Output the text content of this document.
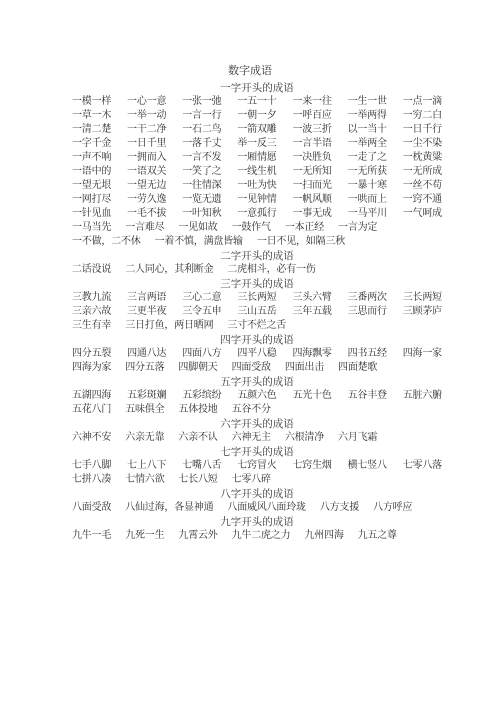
数字成语
一字开头的成语
一模一样 一心一意 一张一弛 一五一十 一来一往 一生一世 一点一滴
一草一木 一举一动 一言一行 一朝一夕 一呼百应 一举两得 一穷二白
一清二楚 一干二净 一石二鸟 一箭双雕 一波三折 以一当十 一日千行
一字千金 一日千里 一落千丈 举一反三 一言半语 一举两全 一尘不染
一声不响 一拥而入 一言不发 一厢情愿 一决胜负 一走了之 一枕黄粱
一语中的 一语双关 一笑了之 一线生机 一无所知 一无所获 一无所成
一望无垠 一望无边 一往情深 一吐为快 一扫而光 一暴十寒 一丝不苟
一网打尽 一劳久逸 一览无遗 一见钟情 一帆风顺 一哄而上 一窍不通
一针见血 一毛不拔 一叶知秋 一意孤行 一事无成 一马平川 一气呵成
一马当先 一言难尽 一见如故 一鼓作气 一本正经 一言为定
一不做，二不休 一着不慎，满盘皆输 一日不见，如隔三秋
二字开头的成语
二话没说 二人同心，其利断金 二虎相斗，必有一伤
三字开头的成语
三教九流 三言两语 三心二意 三长两短 三头六臂 三番两次 三长两短
三亲六故 三更半夜 三令五申 三山五岳 三年五载 三思而行 三顾茅庐
三生有幸 三日打鱼，两日晒网 三寸不烂之舌
四字开头的成语
四分五裂 四通八达 四面八方 四平八稳 四海飘零 四书五经 四海一家
四海为家 四分五落 四脚朝天 四面受敌 四面出击 四面楚歌
五字开头的成语
五湖四海 五彩斑斓 五彩缤纷 五颜六色 五光十色 五谷丰登 五脏六腑
五花八门 五味俱全 五体投地 五谷不分
六字开头的成语
六神不安 六亲无靠 六亲不认 六神无主 六根清净 六月飞霜
七字开头的成语
七手八脚 七上八下 七嘴八舌 七窍冒火 七窍生烟 横七竖八 七零八落
七拼八凑 七情六欲 七长八短 七零八碎
八字开头的成语
八面受敌 八仙过海，各显神通 八面威风八面玲珑 八方支援 八方呼应
九字开头的成语
九牛一毛 九死一生 九霄云外 九牛二虎之力 九州四海 九五之尊
